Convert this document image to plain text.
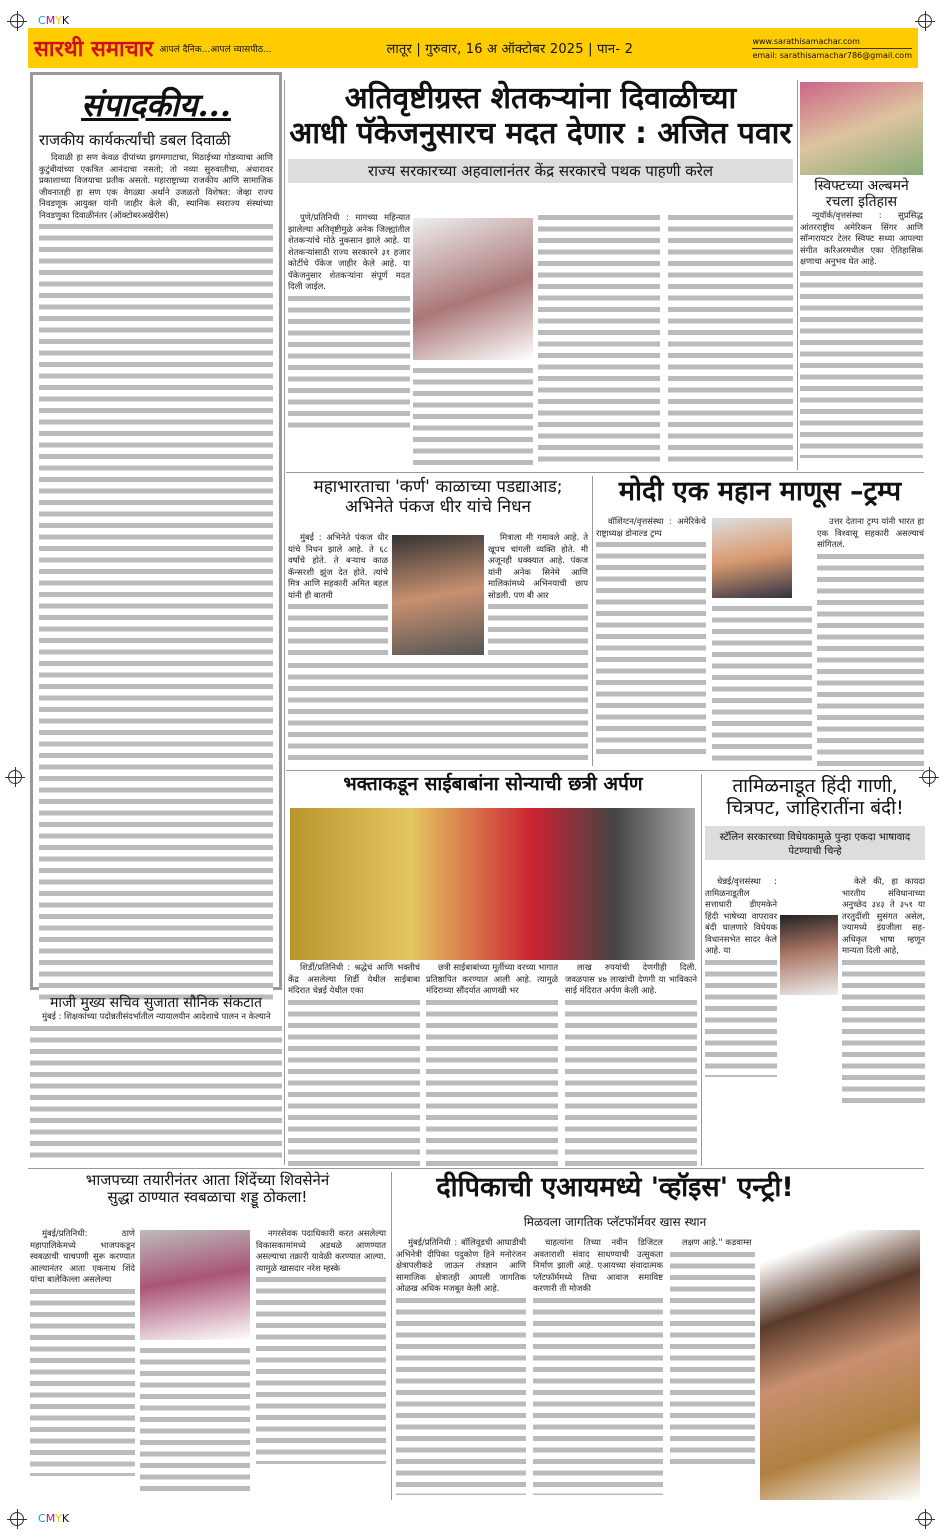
CMYK
CMYK
सारथी समाचार आपलं दैनिक...आपलं व्यासपीठ...	लातूर | गुरुवार, 16 अ ऑक्टोबर 2025 | पान- 2
www.sarathisamachar.com
email: sarathisamachar786@gmail.com
संपादकीय...
राजकीय कार्यकर्त्यांची डबल दिवाळी

दिवाळी हा सण केवळ दीपांच्या झगमगाटाचा, मिठाईच्या गोडव्याचा आणि कुटुंबीयांच्या एकत्रित आनंदाचा नसतो; तो नव्या सुरुवातीचा, अंधारावर प्रकाशाच्या विजयाचा प्रतीक असतो. महाराष्ट्राच्या राजकीय आणि सामाजिक जीवनातही हा सण एक वेगळ्या अर्थाने उजळतो विशेषत: जेव्हा राज्य निवडणूक आयुक्त यांनी जाहीर केले की, स्थानिक स्वराज्य संस्थांच्या निवडणुका दिवाळीनंतर (ऑक्टोबरअखेरीस)

माजी मुख्य सचिव सुजाता सौनिक संकटात

मुंबई : शिक्षकांच्या पदोन्नतीसंदर्भातील न्यायालयीन आदेशाचे पालन न केल्याने

अतिवृष्टीग्रस्त शेतकऱ्यांना दिवाळीच्या
आधी पॅकेजनुसारच मदत देणार : अजित पवार
राज्य सरकारच्या अहवालानंतर केंद्र सरकारचे पथक पाहणी करेल

पुणे/प्रतिनिधी : मागच्या महिन्यात झालेल्या अतिवृष्टीमुळे अनेक जिल्ह्यांतील शेतकऱ्यांचे मोठे नुकसान झाले आहे. या शेतकऱ्यांसाठी राज्य सरकारने ३१ हजार कोटींचे पॅकेज जाहीर केले आहे. या पॅकेजनुसार शेतकऱ्यांना संपूर्ण मदत दिली जाईल.

स्विफ्टच्या अल्बमने रचला इतिहास

न्यूयॉर्क/वृत्तसंस्था : सुप्रसिद्ध आंतरराष्ट्रीय अमेरिकन सिंगर आणि सॉन्गरायटर टेलर स्विफ्ट सध्या आपल्या संगीत करिअरमधील एका ऐतिहासिक क्षणाचा अनुभव घेत आहे.

महाभारताचा 'कर्ण' काळाच्या पडद्याआड;
अभिनेते पंकज धीर यांचे निधन

मुंबई : अभिनेते पंकज धीर यांचे निधन झाले आहे. ते ६८ वर्षांचे होते. ते बऱ्याच काळ कॅन्सरशी झुंज देत होते. त्यांचे मित्र आणि सहकारी अमित बहल यांनी ही बातमी

मित्राला मी गमावले आहे. ते खूपच चांगली व्यक्ति होते. मी अजूनही धक्क्यात आहे. पंकज यांनी अनेक सिनेमे आणि मालिकांमध्ये अभिनयाची छाप सोडली. पण बी आर

मोदी एक महान माणूस –ट्रम्प

वॉशिंग्टन/वृत्तसंस्था : अमेरिकेचे राष्ट्राध्यक्ष डोनाल्ड ट्रम्प

उत्तर देताना ट्रम्प यांनी भारत हा एक विश्वासू सहकारी असल्याचं सांगितलं.

भक्ताकडून साईबाबांना सोन्याची छत्री अर्पण

शिर्डी/प्रतिनिधी : श्रद्धेचं आणि भक्तीचं केंद्र असलेल्या शिर्डी येथील साईबाबा मंदिरात चेन्नई येथील एका

छत्री साईबाबांच्या मूर्तीच्या वरच्या भागात प्रतिष्ठापित करण्यात आली आहे. त्यामुळे मंदिराच्या सौंदर्यात आणखी भर

लाख रुपयांची देणगीही दिली. जवळपास ४७ लाखांची देणगी या भाविकाने साई मंदिरात अर्पण केली आहे.

तामिळनाडूत हिंदी गाणी,
चित्रपट, जाहिरातींना बंदी!
स्टॅलिन सरकारच्या विधेयकामुळे पुन्हा एकदा भाषावाद पेटण्याची चिन्हे

चेन्नई/वृत्तसंस्था : तामिळनाडूतील सत्ताधारी डीएमकेने हिंदी भाषेच्या वापरावर बंदी घालणारे विधेयक विधानसभेत सादर केले आहे. या

केले की, हा कायदा भारतीय संविधानाच्या अनुच्छेद ३४३ ते ३५१ या तरतुदींशी सुसंगत असेल, ज्यामध्ये इंग्रजीला सह-अधिकृत भाषा म्हणून मान्यता दिली आहे,

भाजपच्या तयारीनंतर आता शिंदेंच्या शिवसेनेनं
सुद्धा ठाण्यात स्वबळाचा शड्डू ठोकला!

मुंबई/प्रतिनिधी: ठाणे महापालिकेमध्ये भाजपकडून स्वबळाची चाचपणी सुरू करण्यात आल्यानंतर आता एकनाथ शिंदे यांचा बालेकिल्ला असलेल्या

नगरसेवक पदाधिकारी करत असलेल्या विकासकामांमध्ये अडथळे आणण्यात असल्याचा तक्रारी यावेळी करण्यात आल्या. त्यामुळे खासदार नरेश म्हस्के

दीपिकाची एआयमध्ये 'व्हॉइस' एन्ट्री!
मिळवला जागतिक प्लॅटफॉर्मवर खास स्थान

मुंबई/प्रतिनिधी : बॉलिवूडची आघाडीची अभिनेत्री दीपिका पदुकोण हिने मनोरंजन क्षेत्रापलीकडे जाऊन तंत्रज्ञान आणि सामाजिक क्षेत्रातही आपली जागतिक ओळख अधिक मजबूत केली आहे.

चाहत्यांना तिच्या नवीन डिजिटल अवताराशी संवाद साधण्याची उत्सुकता निर्माण झाली आहे. एआयच्या संवादात्मक प्लॅटफॉर्ममध्ये तिचा आवाज समाविष्ट करणारी ती मोजकी

लक्षण आहे.'' कडवाम्स
